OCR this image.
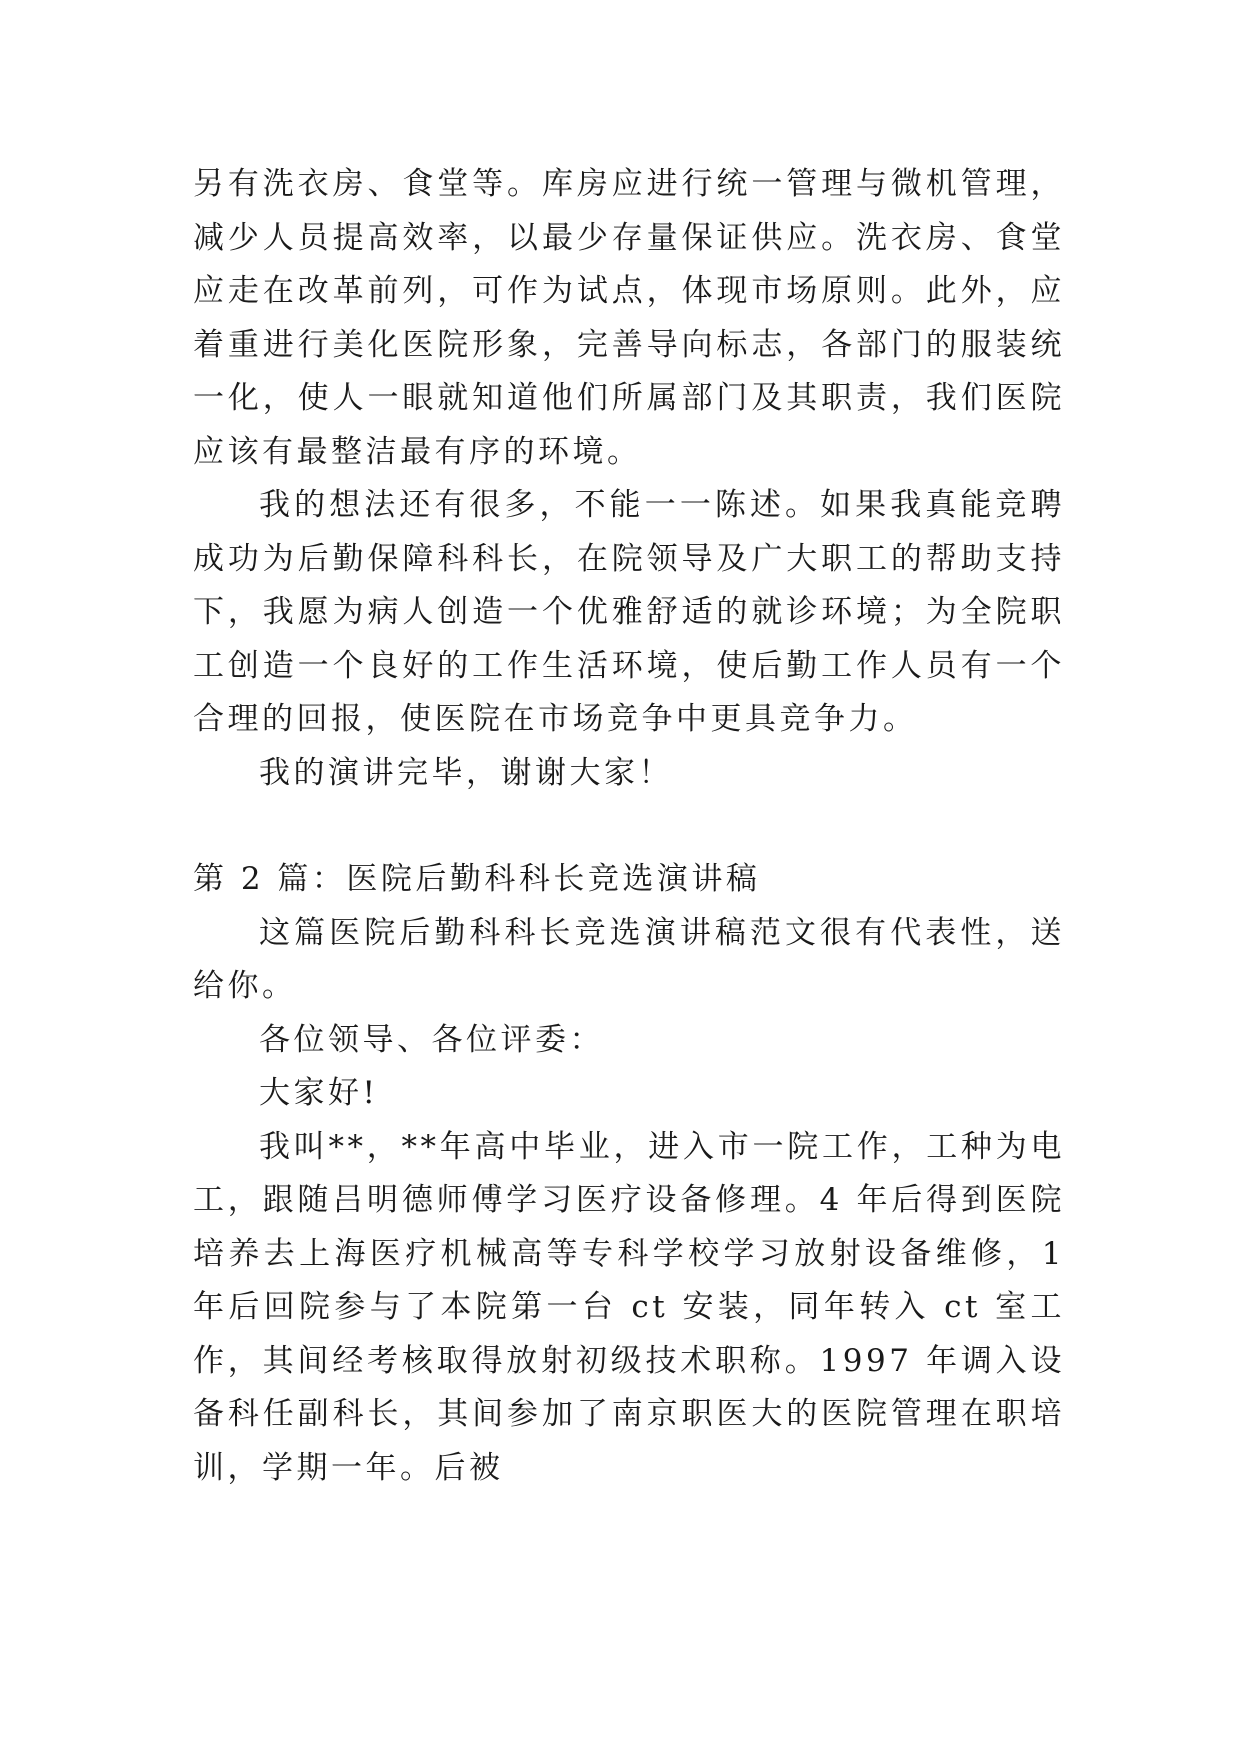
另有洗衣房、食堂等。库房应进行统一管理与微机管理，减少人员提高效率，以最少存量保证供应。洗衣房、食堂应走在改革前列，可作为试点，体现市场原则。此外，应着重进行美化医院形象，完善导向标志，各部门的服装统一化，使人一眼就知道他们所属部门及其职责，我们医院应该有最整洁最有序的环境。

我的想法还有很多，不能一一陈述。如果我真能竞聘成功为后勤保障科科长，在院领导及广大职工的帮助支持下，我愿为病人创造一个优雅舒适的就诊环境；为全院职工创造一个良好的工作生活环境，使后勤工作人员有一个合理的回报，使医院在市场竞争中更具竞争力。

我的演讲完毕，谢谢大家！

第 2 篇：医院后勤科科长竞选演讲稿

这篇医院后勤科科长竞选演讲稿范文很有代表性，送给你。

各位领导、各位评委：

大家好!

我叫**，**年高中毕业，进入市一院工作，工种为电工，跟随吕明德师傅学习医疗设备修理。4 年后得到医院培养去上海医疗机械高等专科学校学习放射设备维修，1 年后回院参与了本院第一台 ct 安装，同年转入 ct 室工作，其间经考核取得放射初级技术职称。1997 年调入设备科任副科长，其间参加了南京职医大的医院管理在职培训，学期一年。后被
